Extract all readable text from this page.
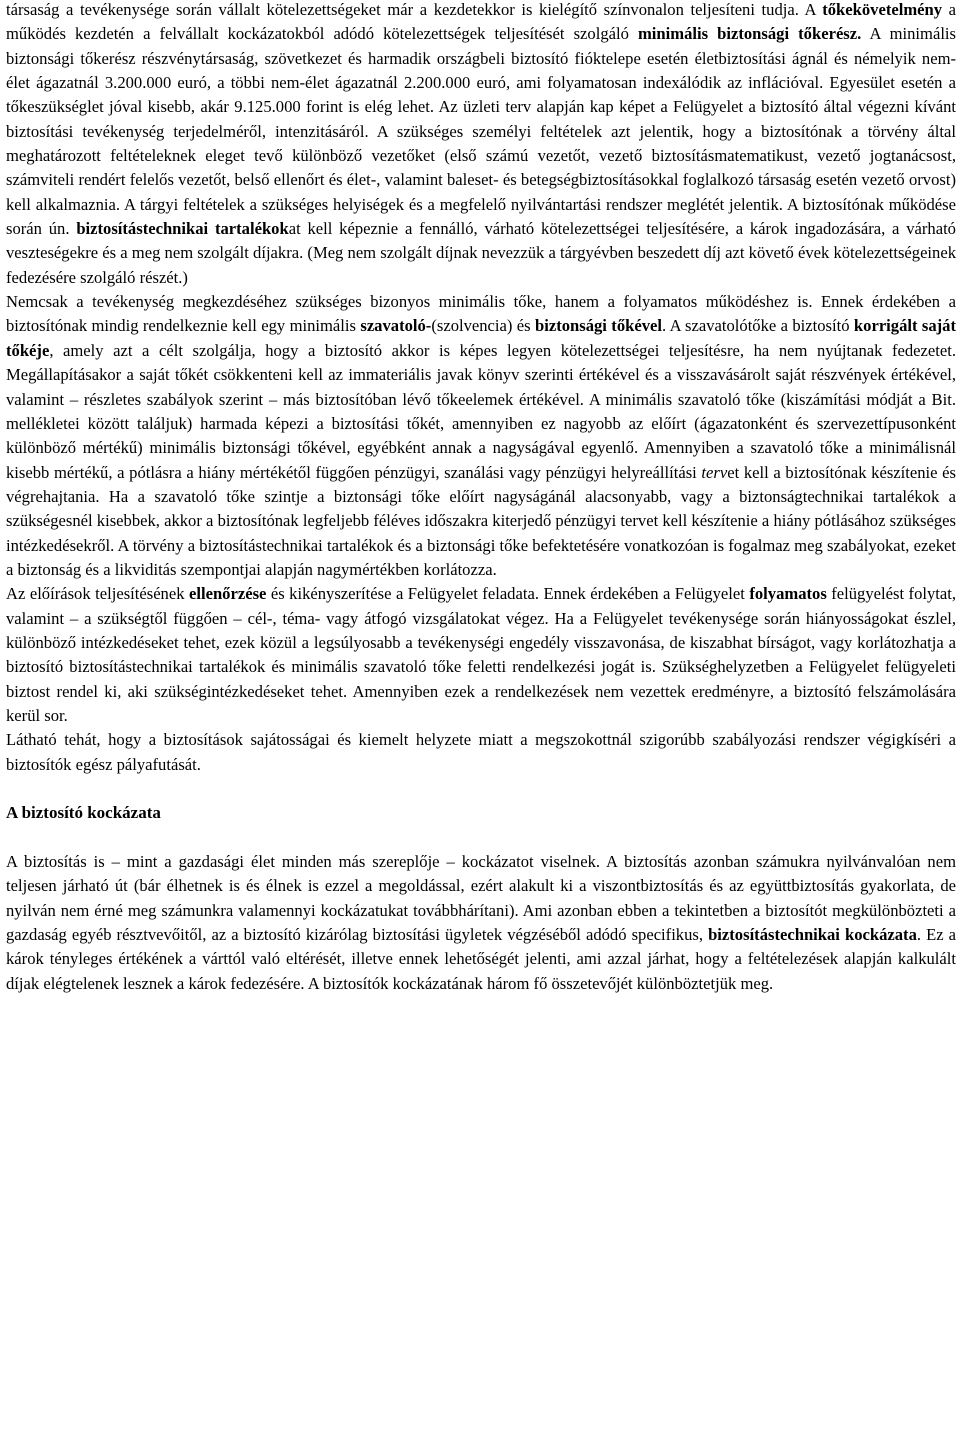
társaság a tevékenysége során vállalt kötelezettségeket már a kezdetekkor is kielégítő színvonalon teljesíteni tudja. A tőkekövetelmény a működés kezdetén a felvállalt kockázatokból adódó kötelezettségek teljesítését szolgáló minimális biztonsági tőkerész. A minimális biztonsági tőkerész részvénytársaság, szövetkezet és harmadik országbeli biztosító fióktelepe esetén életbiztosítási ágnál és némelyik nem- élet ágazatnál 3.200.000 euró, a többi nem-élet ágazatnál 2.200.000 euró, ami folyamatosan indexálódik az inflációval. Egyesület esetén a tőkeszükséglet jóval kisebb, akár 9.125.000 forint is elég lehet. Az üzleti terv alapján kap képet a Felügyelet a biztosító által végezni kívánt biztosítási tevékenység terjedelméről, intenzitásáról. A szükséges személyi feltételek azt jelentik, hogy a biztosítónak a törvény által meghatározott feltételeknek eleget tevő különböző vezetőket (első számú vezetőt, vezető biztosításmatematikust, vezető jogtanácsost, számviteli rendért felelős vezetőt, belső ellenőrt és élet-, valamint baleset- és betegségbiztosításokkal foglalkozó társaság esetén vezető orvost) kell alkalmaznia. A tárgyi feltételek a szükséges helyiségek és a megfelelő nyilvántartási rendszer meglétét jelentik. A biztosítónak működése során ún. biztosítástechnikai tartalékokat kell képeznie a fennálló, várható kötelezettségei teljesítésére, a károk ingadozására, a várható veszteségekre és a meg nem szolgált díjakra. (Meg nem szolgált díjnak nevezzük a tárgyévben beszedett díj azt követő évek kötelezettségeinek fedezésére szolgáló részét.)

Nemcsak a tevékenység megkezdéséhez szükséges bizonyos minimális tőke, hanem a folyamatos működéshez is. Ennek érdekében a biztosítónak mindig rendelkeznie kell egy minimális szavatoló-(szolvencia) és biztonsági tőkével. A szavatolótőke a biztosító korrigált saját tőkéje, amely azt a célt szolgálja, hogy a biztosító akkor is képes legyen kötelezettségei teljesítésre, ha nem nyújtanak fedezetet. Megállapításakor a saját tőkét csökkenteni kell az immateriális javak könyv szerinti értékével és a visszavásárolt saját részvények értékével, valamint – részletes szabályok szerint – más biztosítóban lévő tőkeelemek értékével. A minimális szavatoló tőke (kiszámítási módját a Bit. mellékletei között találjuk) harmada képezi a biztosítási tőkét, amennyiben ez nagyobb az előírt (ágazatonként és szervezettípusonként különböző mértékű) minimális biztonsági tőkével, egyébként annak a nagyságával egyenlő. Amennyiben a szavatoló tőke a minimálisnál kisebb mértékű, a pótlásra a hiány mértékétől függően pénzügyi, szanálási vagy pénzügyi helyreállítási tervet kell a biztosítónak készítenie és végrehajtania. Ha a szavatoló tőke szintje a biztonsági tőke előírt nagyságánál alacsonyabb, vagy a biztonságtechnikai tartalékok a szükségesnél kisebbek, akkor a biztosítónak legfeljebb féléves időszakra kiterjedő pénzügyi tervet kell készítenie a hiány pótlásához szükséges intézkedésekről. A törvény a biztosítástechnikai tartalékok és a biztonsági tőke befektetésére vonatkozóan is fogalmaz meg szabályokat, ezeket a biztonság és a likviditás szempontjai alapján nagymértékben korlátozza.

Az előírások teljesítésének ellenőrzése és kikényszerítése a Felügyelet feladata. Ennek érdekében a Felügyelet folyamatos felügyelést folytat, valamint – a szükségtől függően – cél-, téma- vagy átfogó vizsgálatokat végez. Ha a Felügyelet tevékenysége során hiányosságokat észlel, különböző intézkedéseket tehet, ezek közül a legsúlyosabb a tevékenységi engedély visszavonása, de kiszabhat bírságot, vagy korlátozhatja a biztosító biztosítástechnikai tartalékok és minimális szavatoló tőke feletti rendelkezési jogát is. Szükséghelyzetben a Felügyelet felügyeleti biztost rendel ki, aki szükségintézkedéseket tehet. Amennyiben ezek a rendelkezések nem vezettek eredményre, a biztosító felszámolására kerül sor.

Látható tehát, hogy a biztosítások sajátosságai és kiemelt helyzete miatt a megszokottnál szigorúbb szabályozási rendszer végigkíséri a biztosítók egész pályafutását.

A biztosító kockázata

A biztosítás is – mint a gazdasági élet minden más szereplője – kockázatot viselnek. A biztosítás azonban számukra nyilvánvalóan nem teljesen járható út (bár élhetnek is és élnek is ezzel a megoldással, ezért alakult ki a viszontbiztosítás és az együttbiztosítás gyakorlata, de nyilván nem érné meg számunkra valamennyi kockázatukat továbbhárítani). Ami azonban ebben a tekintetben a biztosítót megkülönbözteti a gazdaság egyéb résztvevőitől, az a biztosító kizárólag biztosítási ügyletek végzéséből adódó specifikus, biztosítástechnikai kockázata. Ez a károk tényleges értékének a várttól való eltérését, illetve ennek lehetőségét jelenti, ami azzal járhat, hogy a feltételezések alapján kalkulált díjak elégtelenek lesznek a károk fedezésére. A biztosítók kockázatának három fő összetevőjét különböztetjük meg.
